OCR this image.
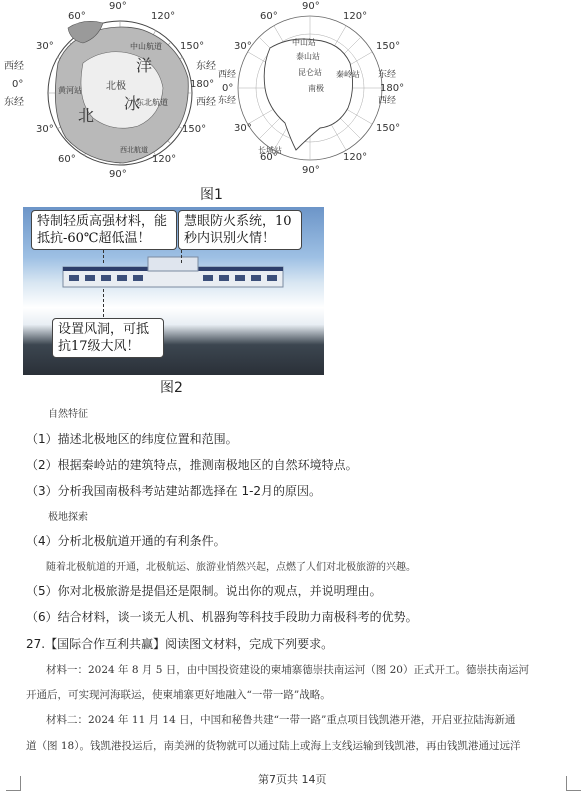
60°
90°
120°
30°	150°
0°	180°
30°	150°
60°
90°
120°
西经
东经
东经
西经
北
冰
洋
北极
黄河站
中山航道
东北航道
西北航道
90°
60°	120°
30°	150°
0°	180°
30°	150°
60°	120°
90°
西经
东经
东经
西经
中山站
泰山站
昆仑站
南极
秦岭站
长城站
图1
特制轻质高强材料，能抵抗-60℃超低温！
慧眼防火系统，10秒内识别火情！
设置风洞，可抵抗17级大风！
图2
自然特征
（1）描述北极地区的纬度位置和范围。
（2）根据秦岭站的建筑特点，推测南极地区的自然环境特点。
（3）分析我国南极科考站建站都选择在 1-2月的原因。
极地探索
（4）分析北极航道开通的有利条件。
随着北极航道的开通，北极航运、旅游业悄然兴起，点燃了人们对北极旅游的兴趣。
（5）你对北极旅游是提倡还是限制。说出你的观点，并说明理由。
（6）结合材料，谈一谈无人机、机器狗等科技手段助力南极科考的优势。
27.【国际合作互利共赢】阅读图文材料，完成下列要求。
材料一：2024 年 8 月 5 日，由中国投资建设的柬埔寨德崇扶南运河（图 20）正式开工。德崇扶南运河
开通后，可实现河海联运，使柬埔寨更好地融入“一带一路”战略。
材料二：2024 年 11 月 14 日，中国和秘鲁共建“一带一路”重点项目钱凯港开港，开启亚拉陆海新通
道（图 18）。钱凯港投运后，南美洲的货物就可以通过陆上或海上支线运输到钱凯港，再由钱凯港通过远洋
第7页共 14页
